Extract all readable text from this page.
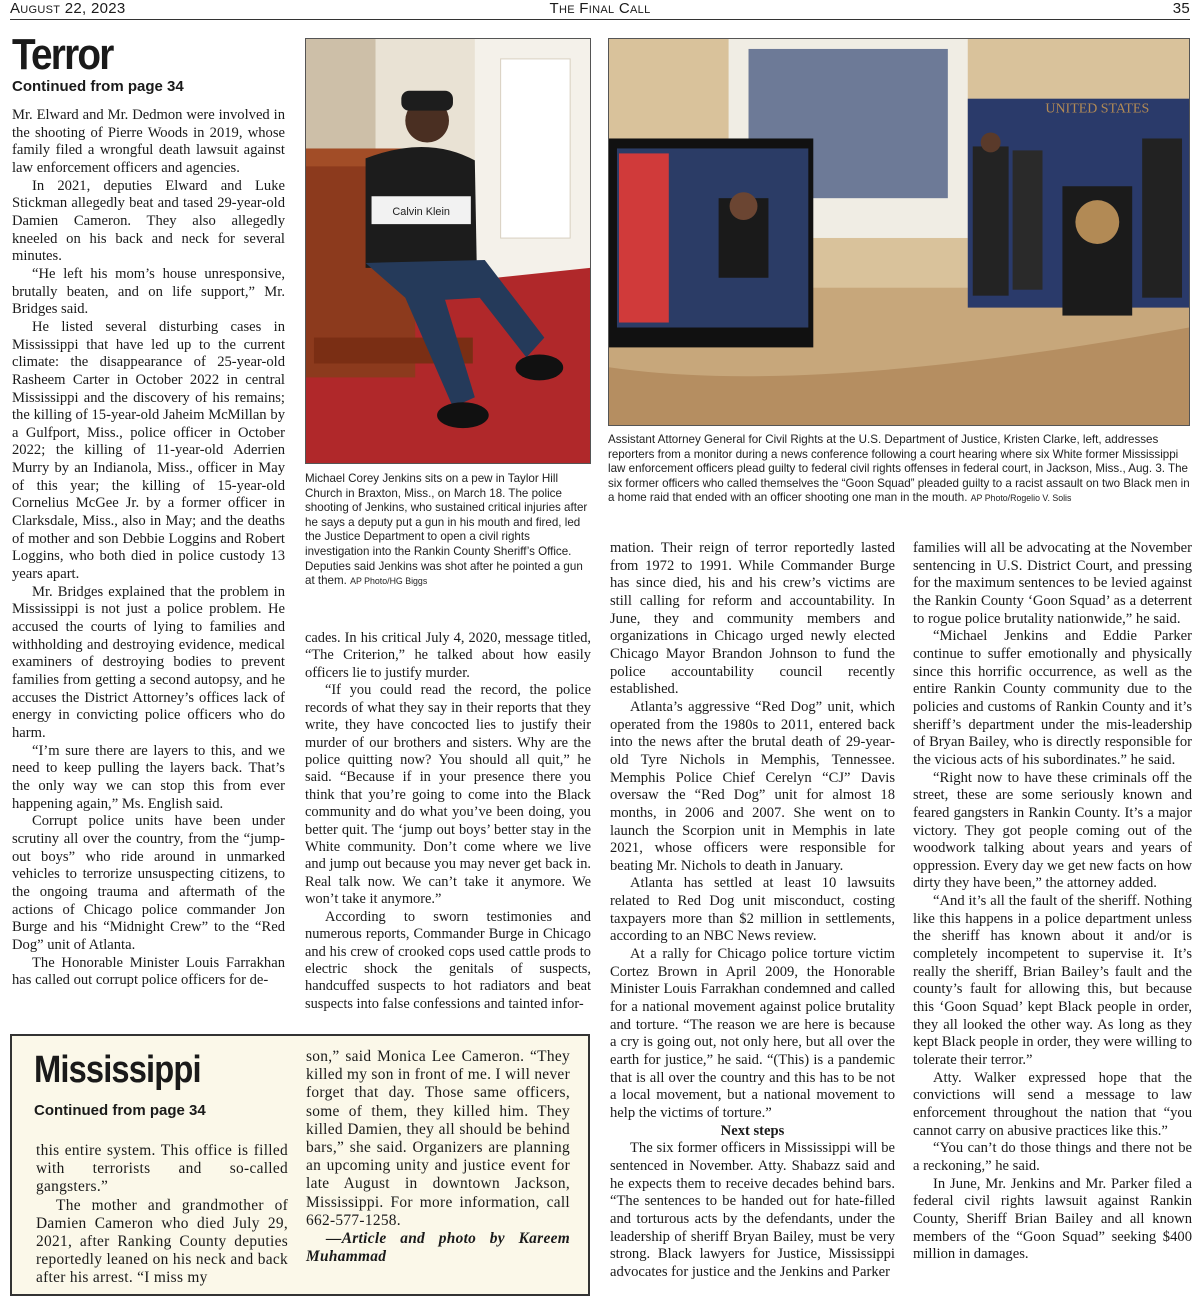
August 22, 2023	The Final Call	35
Terror
Continued from page 34

Mr. Elward and Mr. Dedmon were involved in the shooting of Pierre Woods in 2019, whose family filed a wrongful death lawsuit against law enforcement officers and agencies.

In 2021, deputies Elward and Luke Stickman allegedly beat and tased 29-year-old Damien Cameron. They also allegedly kneeled on his back and neck for several minutes.

“He left his mom’s house unresponsive, brutally beaten, and on life support,” Mr. Bridges said.

He listed several disturbing cases in Mississippi that have led up to the current climate: the disappearance of 25-year-old Rasheem Carter in October 2022 in central Mississippi and the discovery of his remains; the killing of 15-year-old Jaheim McMillan by a Gulfport, Miss., police officer in October 2022; the killing of 11-year-old Aderrien Murry by an Indianola, Miss., officer in May of this year; the killing of 15-year-old Cornelius McGee Jr. by a former officer in Clarksdale, Miss., also in May; and the deaths of mother and son Debbie Loggins and Robert Loggins, who both died in police custody 13 years apart.

Mr. Bridges explained that the problem in Mississippi is not just a police problem. He accused the courts of lying to families and withholding and destroying evidence, medical examiners of destroying bodies to prevent families from getting a second autopsy, and he accuses the District Attorney’s offices lack of energy in convicting police officers who do harm.

“I’m sure there are layers to this, and we need to keep pulling the layers back. That’s the only way we can stop this from ever happening again,” Ms. English said.

Corrupt police units have been under scrutiny all over the country, from the “jump-out boys” who ride around in unmarked vehicles to terrorize unsuspecting citizens, to the ongoing trauma and aftermath of the actions of Chicago police commander Jon Burge and his “Midnight Crew” to the “Red Dog” unit of Atlanta.

The Honorable Minister Louis Farrakhan has called out corrupt police officers for de-

Calvin Klein
Michael Corey Jenkins sits on a pew in Taylor Hill Church in Braxton, Miss., on March 18. The police shooting of Jenkins, who sustained critical injuries after he says a deputy put a gun in his mouth and fired, led the Justice Department to open a civil rights investigation into the Rankin County Sheriff’s Office. Deputies said Jenkins was shot after he pointed a gun at them. AP Photo/HG Biggs
UNITED STATES
Assistant Attorney General for Civil Rights at the U.S. Department of Justice, Kristen Clarke, left, addresses reporters from a monitor during a news conference following a court hearing where six White former Mississippi law enforcement officers plead guilty to federal civil rights offenses in federal court, in Jackson, Miss., Aug. 3. The six former officers who called themselves the “Goon Squad” pleaded guilty to a racist assault on two Black men in a home raid that ended with an officer shooting one man in the mouth. AP Photo/Rogelio V. Solis

cades. In his critical July 4, 2020, message titled, “The Criterion,” he talked about how easily officers lie to justify murder.

“If you could read the record, the police records of what they say in their reports that they write, they have concocted lies to justify their murder of our brothers and sisters. Why are the police quitting now? You should all quit,” he said. “Because if in your presence there you think that you’re going to come into the Black community and do what you’ve been doing, you better quit. The ‘jump out boys’ better stay in the White community. Don’t come where we live and jump out because you may never get back in. Real talk now. We can’t take it anymore. We won’t take it anymore.”

According to sworn testimonies and numerous reports, Commander Burge in Chicago and his crew of crooked cops used cattle prods to electric shock the genitals of suspects, handcuffed suspects to hot radiators and beat suspects into false confessions and tainted infor-

mation. Their reign of terror reportedly lasted from 1972 to 1991. While Commander Burge has since died, his and his crew’s victims are still calling for reform and accountability. In June, they and community members and organizations in Chicago urged newly elected Chicago Mayor Brandon Johnson to fund the police accountability council recently established.

Atlanta’s aggressive “Red Dog” unit, which operated from the 1980s to 2011, entered back into the news after the brutal death of 29-year-old Tyre Nichols in Memphis, Tennessee. Memphis Police Chief Cerelyn “CJ” Davis oversaw the “Red Dog” unit for almost 18 months, in 2006 and 2007. She went on to launch the Scorpion unit in Memphis in late 2021, whose officers were responsible for beating Mr. Nichols to death in January.

Atlanta has settled at least 10 lawsuits related to Red Dog unit misconduct, costing taxpayers more than $2 million in settlements, according to an NBC News review.

At a rally for Chicago police torture victim Cortez Brown in April 2009, the Honorable Minister Louis Farrakhan condemned and called for a national movement against police brutality and torture. “The reason we are here is because a cry is going out, not only here, but all over the earth for justice,” he said. “(This) is a pandemic that is all over the country and this has to be not a local movement, but a national movement to help the victims of torture.”

Next steps

The six former officers in Mississippi will be sentenced in November. Atty. Shabazz said and he expects them to receive decades behind bars. “The sentences to be handed out for hate-filled and torturous acts by the defendants, under the leadership of sheriff Bryan Bailey, must be very strong. Black lawyers for Justice, Mississippi advocates for justice and the Jenkins and Parker

families will all be advocating at the November sentencing in U.S. District Court, and pressing for the maximum sentences to be levied against the Rankin County ‘Goon Squad’ as a deterrent to rogue police brutality nationwide,” he said.

“Michael Jenkins and Eddie Parker continue to suffer emotionally and physically since this horrific occurrence, as well as the entire Rankin County community due to the policies and customs of Rankin County and it’s sheriff’s department under the mis-leadership of Bryan Bailey, who is directly responsible for the vicious acts of his subordinates.” he said.

“Right now to have these criminals off the street, these are some seriously known and feared gangsters in Rankin County. It’s a major victory. They got people coming out of the woodwork talking about years and years of oppression. Every day we get new facts on how dirty they have been,” the attorney added.

“And it’s all the fault of the sheriff. Nothing like this happens in a police department unless the sheriff has known about it and/or is completely incompetent to supervise it. It’s really the sheriff, Brian Bailey’s fault and the county’s fault for allowing this, but because this ‘Goon Squad’ kept Black people in order, they all looked the other way. As long as they kept Black people in order, they were willing to tolerate their terror.”

Atty. Walker expressed hope that the convictions will send a message to law enforcement throughout the nation that “you cannot carry on abusive practices like this.”

“You can’t do those things and there not be a reckoning,” he said.

In June, Mr. Jenkins and Mr. Parker filed a federal civil rights lawsuit against Rankin County, Sheriff Brian Bailey and all known members of the “Goon Squad” seeking $400 million in damages.

Mississippi
Continued from page 34

this entire system. This office is filled with terrorists and so-called gangsters.”

The mother and grandmother of Damien Cameron who died July 29, 2021, after Ranking County deputies reportedly leaned on his neck and back after his arrest. “I miss my

son,” said Monica Lee Cameron. “They killed my son in front of me. I will never forget that day. Those same officers, some of them, they killed him. They killed Damien, they all should be behind bars,” she said. Organizers are planning an upcoming unity and justice event for late August in downtown Jackson, Mississippi. For more information, call 662-577-1258.

—Article and photo by Kareem Muhammad
